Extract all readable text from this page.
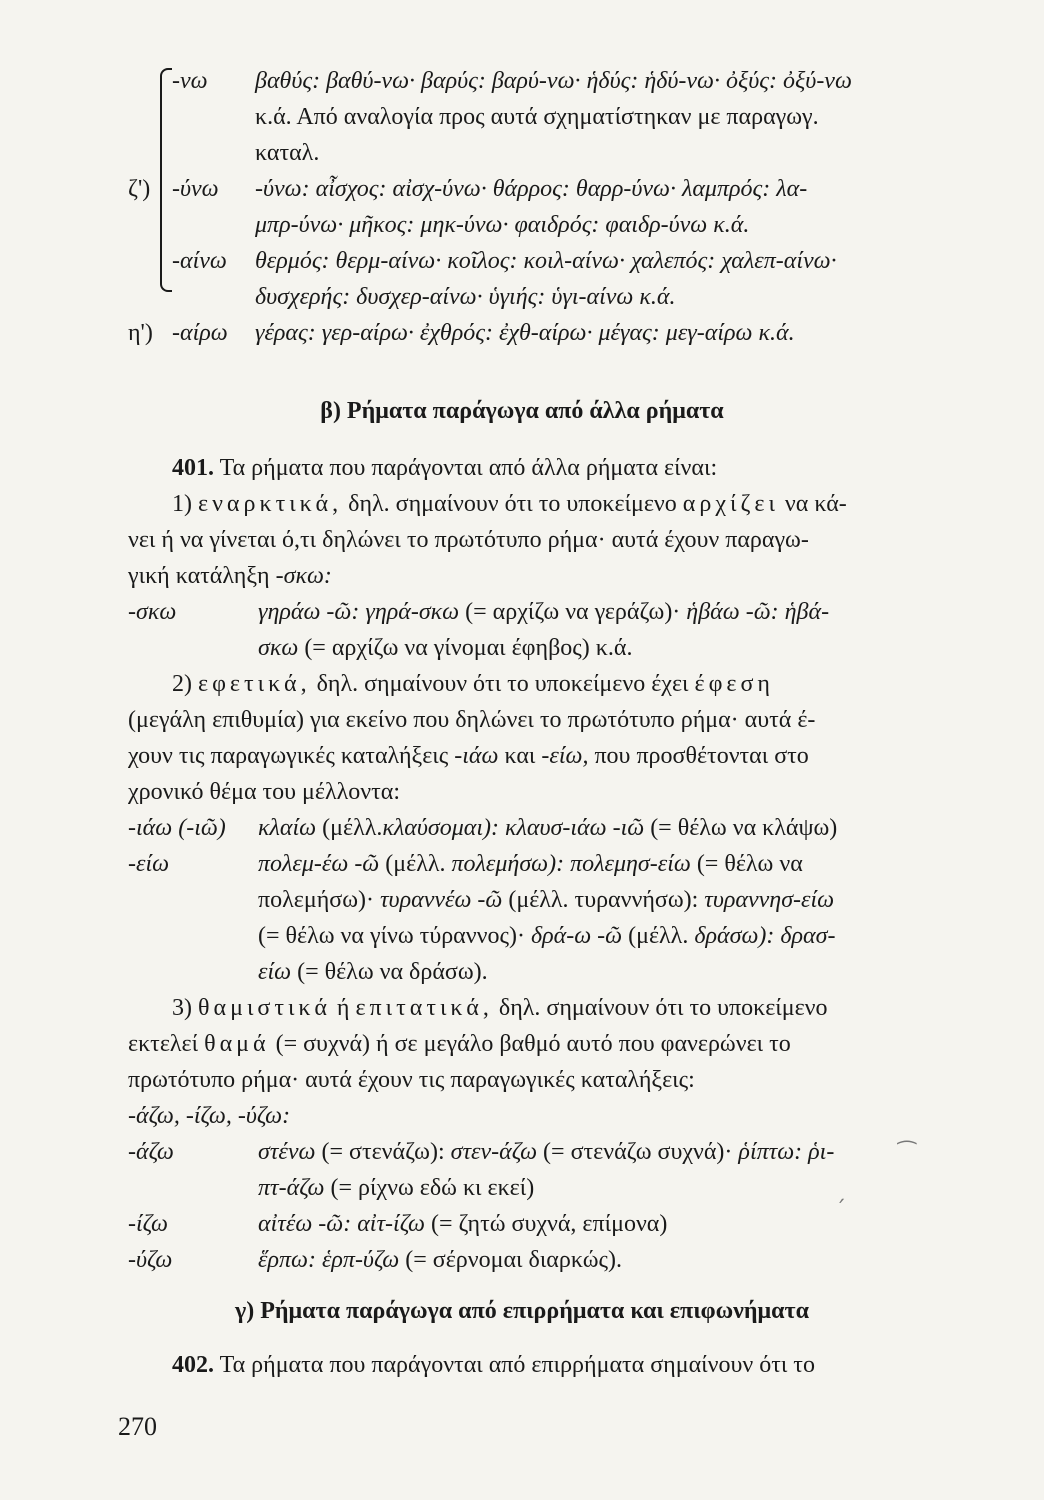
-νω βαθύς: βαθύ-νω· βαρύς: βαρύ-νω· ἡδύς: ἡδύ-νω· ὀξύς: ὀξύ-νω
κ.ά. Από αναλογία προς αυτά σχηματίστηκαν με παραγωγ.
καταλ.
ζ') -ύνω -ύνω: αἶσχος: αἰσχ-ύνω· θάρρος: θαρρ-ύνω· λαμπρός: λα-
μπρ-ύνω· μῆκος: μηκ-ύνω· φαιδρός: φαιδρ-ύνω κ.ά.
-αίνω θερμός: θερμ-αίνω· κοῖλος: κοιλ-αίνω· χαλεπός: χαλεπ-αίνω·
δυσχερής: δυσχερ-αίνω· ὑγιής: ὑγι-αίνω κ.ά.
η') -αίρω γέρας: γερ-αίρω· ἐχθρός: ἐχθ-αίρω· μέγας: μεγ-αίρω κ.ά.
β) Ρήματα παράγωγα από άλλα ρήματα
401. Τα ρήματα που παράγονται από άλλα ρήματα είναι:
1) εναρκτικά, δηλ. σημαίνουν ότι το υποκείμενο αρχίζει να κά-
νει ή να γίνεται ό,τι δηλώνει το πρωτότυπο ρήμα· αυτά έχουν παραγω-
γική κατάληξη -σκω:
-σκω	γηράω -ῶ: γηρά-σκω (= αρχίζω να γεράζω)· ἡβάω -ῶ: ἡβά-
σκω (= αρχίζω να γίνομαι έφηβος) κ.ά.
2) εφετικά, δηλ. σημαίνουν ότι το υποκείμενο έχει έφεση
(μεγάλη επιθυμία) για εκείνο που δηλώνει το πρωτότυπο ρήμα· αυτά έ-
χουν τις παραγωγικές καταλήξεις -ιάω και -είω, που προσθέτονται στο
χρονικό θέμα του μέλλοντα:
-ιάω (-ιῶ) κλαίω (μέλλ.κλαύσομαι): κλαυσ-ιάω -ιῶ (= θέλω να κλάψω)
-είω	πολεμ-έω -ῶ (μέλλ. πολεμήσω): πολεμησ-είω (= θέλω να
πολεμήσω)· τυραννέω -ῶ (μέλλ. τυραννήσω): τυραννησ-είω
(= θέλω να γίνω τύραννος)· δρά-ω -ῶ (μέλλ. δράσω): δρασ-
είω (= θέλω να δράσω).
3) θαμιστικά ή επιτατικά, δηλ. σημαίνουν ότι το υποκείμενο
εκτελεί θαμά (= συχνά) ή σε μεγάλο βαθμό αυτό που φανερώνει το
πρωτότυπο ρήμα· αυτά έχουν τις παραγωγικές καταλήξεις:
-άζω, -ίζω, -ύζω:
-άζω	στένω (= στενάζω): στεν-άζω (= στενάζω συχνά)· ῥίπτω: ῥι-
πτ-άζω (= ρίχνω εδώ κι εκεί)
-ίζω	αἰτέω -ῶ: αἰτ-ίζω (= ζητώ συχνά, επίμονα)
-ύζω	ἕρπω: ἑρπ-ύζω (= σέρνομαι διαρκώς).
γ) Ρήματα παράγωγα από επιρρήματα και επιφωνήματα
402. Τα ρήματα που παράγονται από επιρρήματα σημαίνουν ότι το
270
⁀
ˊ
